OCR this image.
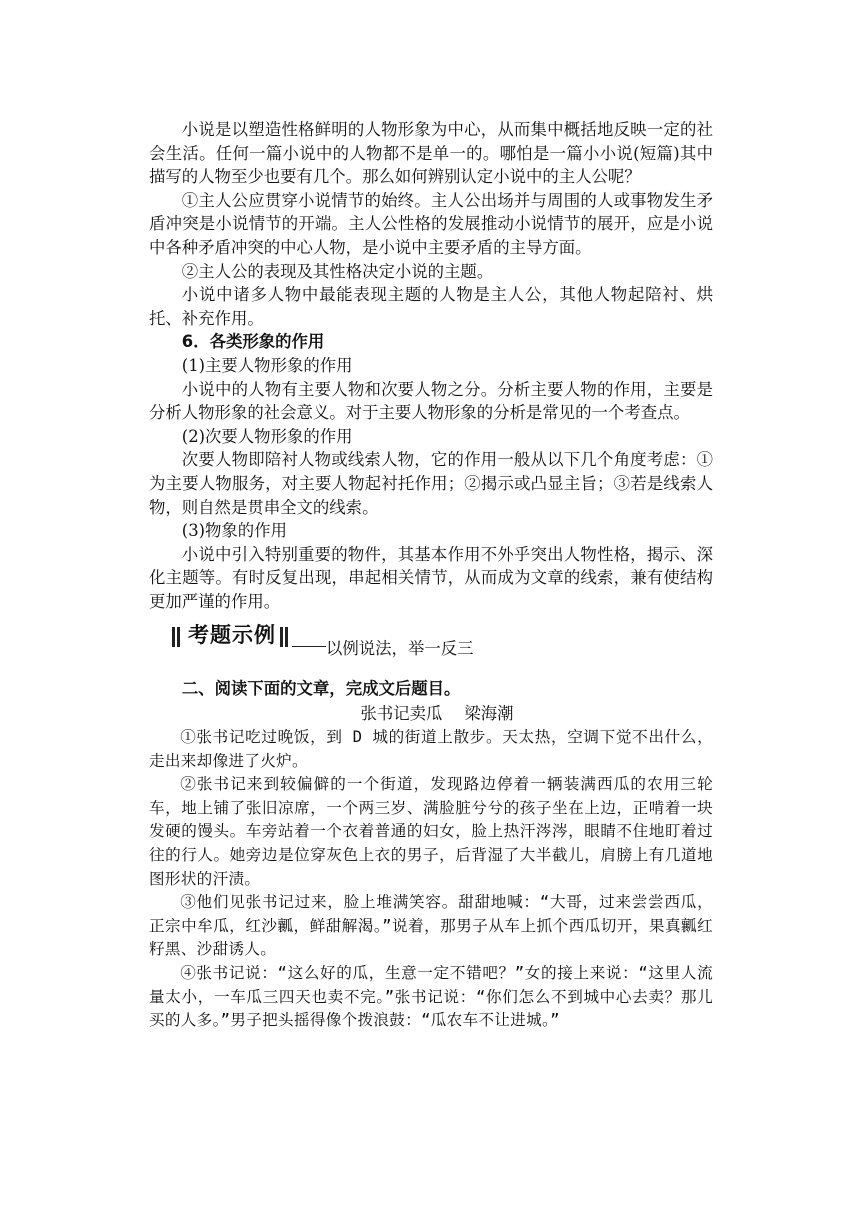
小说是以塑造性格鲜明的人物形象为中心，从而集中概括地反映一定的社会生活。任何一篇小说中的人物都不是单一的。哪怕是一篇小小说(短篇)其中描写的人物至少也要有几个。那么如何辨别认定小说中的主人公呢？

①主人公应贯穿小说情节的始终。主人公出场并与周围的人或事物发生矛盾冲突是小说情节的开端。主人公性格的发展推动小说情节的展开，应是小说中各种矛盾冲突的中心人物，是小说中主要矛盾的主导方面。

②主人公的表现及其性格决定小说的主题。

小说中诸多人物中最能表现主题的人物是主人公，其他人物起陪衬、烘托、补充作用。

6．各类形象的作用

(1)主要人物形象的作用

小说中的人物有主要人物和次要人物之分。分析主要人物的作用，主要是分析人物形象的社会意义。对于主要人物形象的分析是常见的一个考查点。

(2)次要人物形象的作用

次要人物即陪衬人物或线索人物，它的作用一般从以下几个角度考虑：①为主要人物服务，对主要人物起衬托作用；②揭示或凸显主旨；③若是线索人物，则自然是贯串全文的线索。

(3)物象的作用

小说中引入特别重要的物件，其基本作用不外乎突出人物性格，揭示、深化主题等。有时反复出现，串起相关情节，从而成为文章的线索，兼有使结构更加严谨的作用。

考题示例
以例说法，举一反三

二、阅读下面的文章，完成文后题目。

张书记卖瓜 梁海潮

①张书记吃过晚饭，到 D 城的街道上散步。天太热，空调下觉不出什么，走出来却像进了火炉。

②张书记来到较偏僻的一个街道，发现路边停着一辆装满西瓜的农用三轮车，地上铺了张旧凉席，一个两三岁、满脸脏兮兮的孩子坐在上边，正啃着一块发硬的馒头。车旁站着一个衣着普通的妇女，脸上热汗涔涔，眼睛不住地盯着过往的行人。她旁边是位穿灰色上衣的男子，后背湿了大半截儿，肩膀上有几道地图形状的汗渍。

③他们见张书记过来，脸上堆满笑容。甜甜地喊：“大哥，过来尝尝西瓜，正宗中牟瓜，红沙瓤，鲜甜解渴。”说着，那男子从车上抓个西瓜切开，果真瓤红籽黑、沙甜诱人。

④张书记说：“这么好的瓜，生意一定不错吧？”女的接上来说：“这里人流量太小，一车瓜三四天也卖不完。”张书记说：“你们怎么不到城中心去卖？那儿买的人多。”男子把头摇得像个拨浪鼓：“瓜农车不让进城。”
